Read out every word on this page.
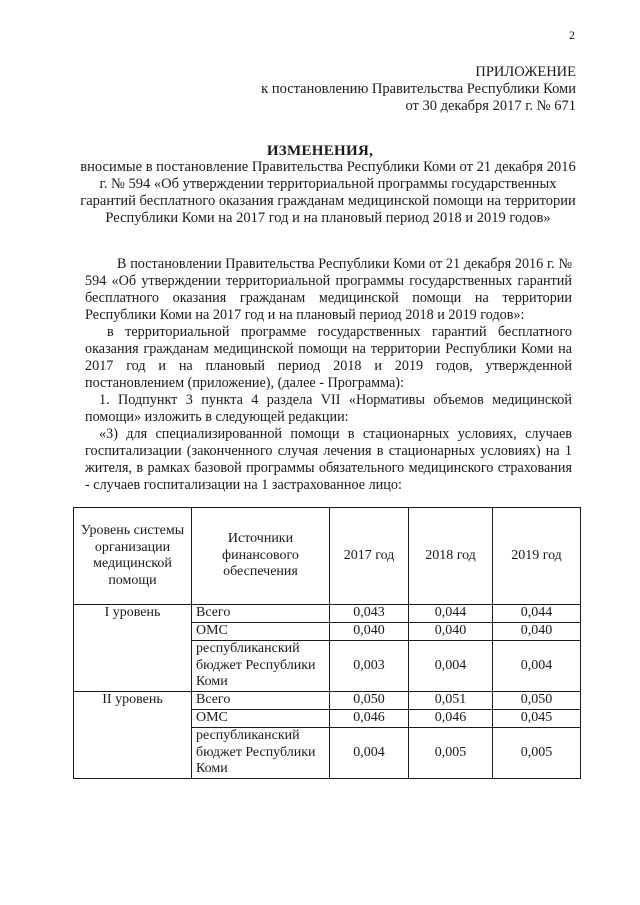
2
ПРИЛОЖЕНИЕ
к постановлению Правительства Республики Коми
от 30 декабря 2017 г. № 671
ИЗМЕНЕНИЯ,
вносимые в постановление Правительства Республики Коми от 21 декабря 2016 г. № 594 «Об утверждении территориальной программы государственных гарантий бесплатного оказания гражданам медицинской помощи на территории Республики Коми на 2017 год и на плановый период 2018 и 2019 годов»

В постановлении Правительства Республики Коми от 21 декабря 2016 г. № 594 «Об утверждении территориальной программы государственных гарантий бесплатного оказания гражданам медицинской помощи на территории Республики Коми на 2017 год и на плановый период 2018 и 2019 годов»:

в территориальной программе государственных гарантий бесплатного оказания гражданам медицинской помощи на территории Республики Коми на 2017 год и на плановый период 2018 и 2019 годов, утвержденной постановлением (приложение), (далее - Программа):

1. Подпункт 3 пункта 4 раздела VII «Нормативы объемов медицинской помощи» изложить в следующей редакции:

«3) для специализированной помощи в стационарных условиях, случаев госпитализации (законченного случая лечения в стационарных условиях) на 1 жителя, в рамках базовой программы обязательного медицинского страхования - случаев госпитализации на 1 застрахованное лицо:

Уровень системы организации медицинской помощи	Источники финансового обеспечения	2017 год	2018 год	2019 год
I уровень	Всего	0,043	0,044	0,044
	ОМС	0,040	0,040	0,040
	республиканский бюджет Республики Коми	0,003	0,004	0,004
II уровень	Всего	0,050	0,051	0,050
	ОМС	0,046	0,046	0,045
	республиканский бюджет Республики Коми	0,004	0,005	0,005
